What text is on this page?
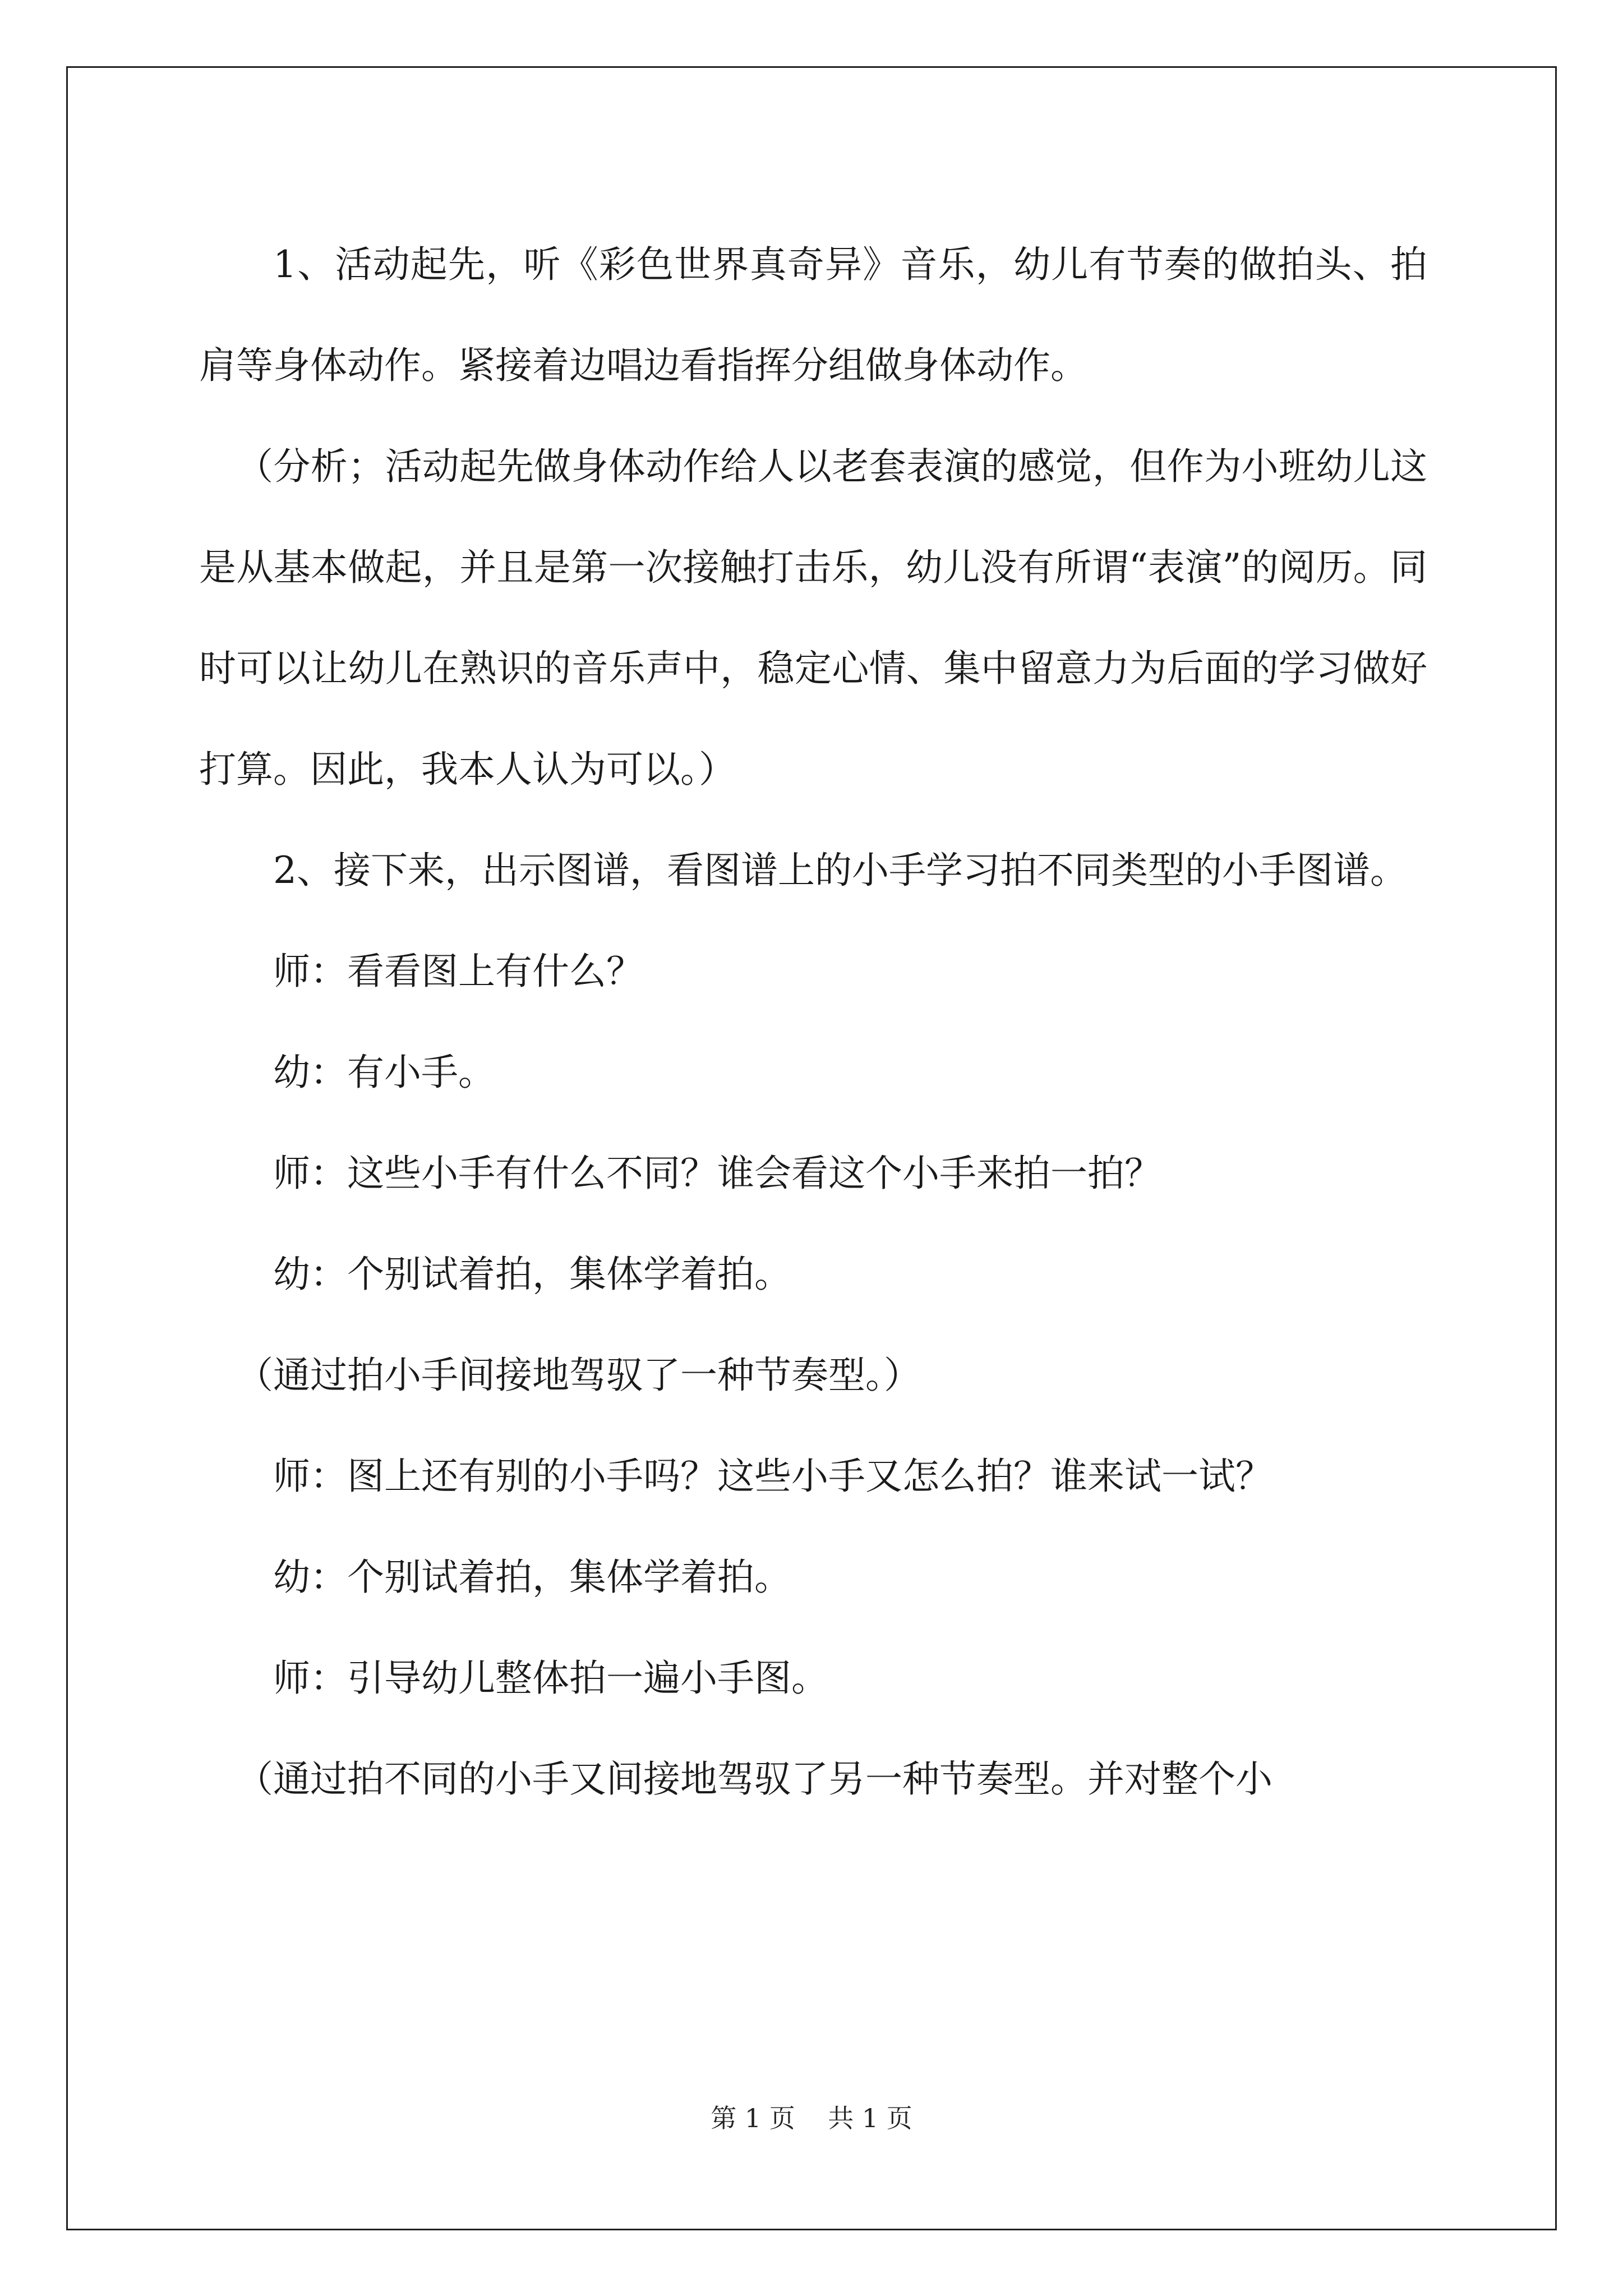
1、活动起先，听《彩色世界真奇异》音乐，幼儿有节奏的做拍头、拍肩等身体动作。紧接着边唱边看指挥分组做身体动作。

（分析；活动起先做身体动作给人以老套表演的感觉，但作为小班幼儿这是从基本做起，并且是第一次接触打击乐，幼儿没有所谓“表演”的阅历。同时可以让幼儿在熟识的音乐声中，稳定心情、集中留意力为后面的学习做好打算。因此，我本人认为可以。）

2、接下来，出示图谱，看图谱上的小手学习拍不同类型的小手图谱。

师：看看图上有什么？

幼：有小手。

师：这些小手有什么不同？谁会看这个小手来拍一拍？

幼：个别试着拍，集体学着拍。

（通过拍小手间接地驾驭了一种节奏型。）

师：图上还有别的小手吗？这些小手又怎么拍？谁来试一试？

幼：个别试着拍，集体学着拍。

师：引导幼儿整体拍一遍小手图。

（通过拍不同的小手又间接地驾驭了另一种节奏型。并对整个小

第 1 页    共 1 页
